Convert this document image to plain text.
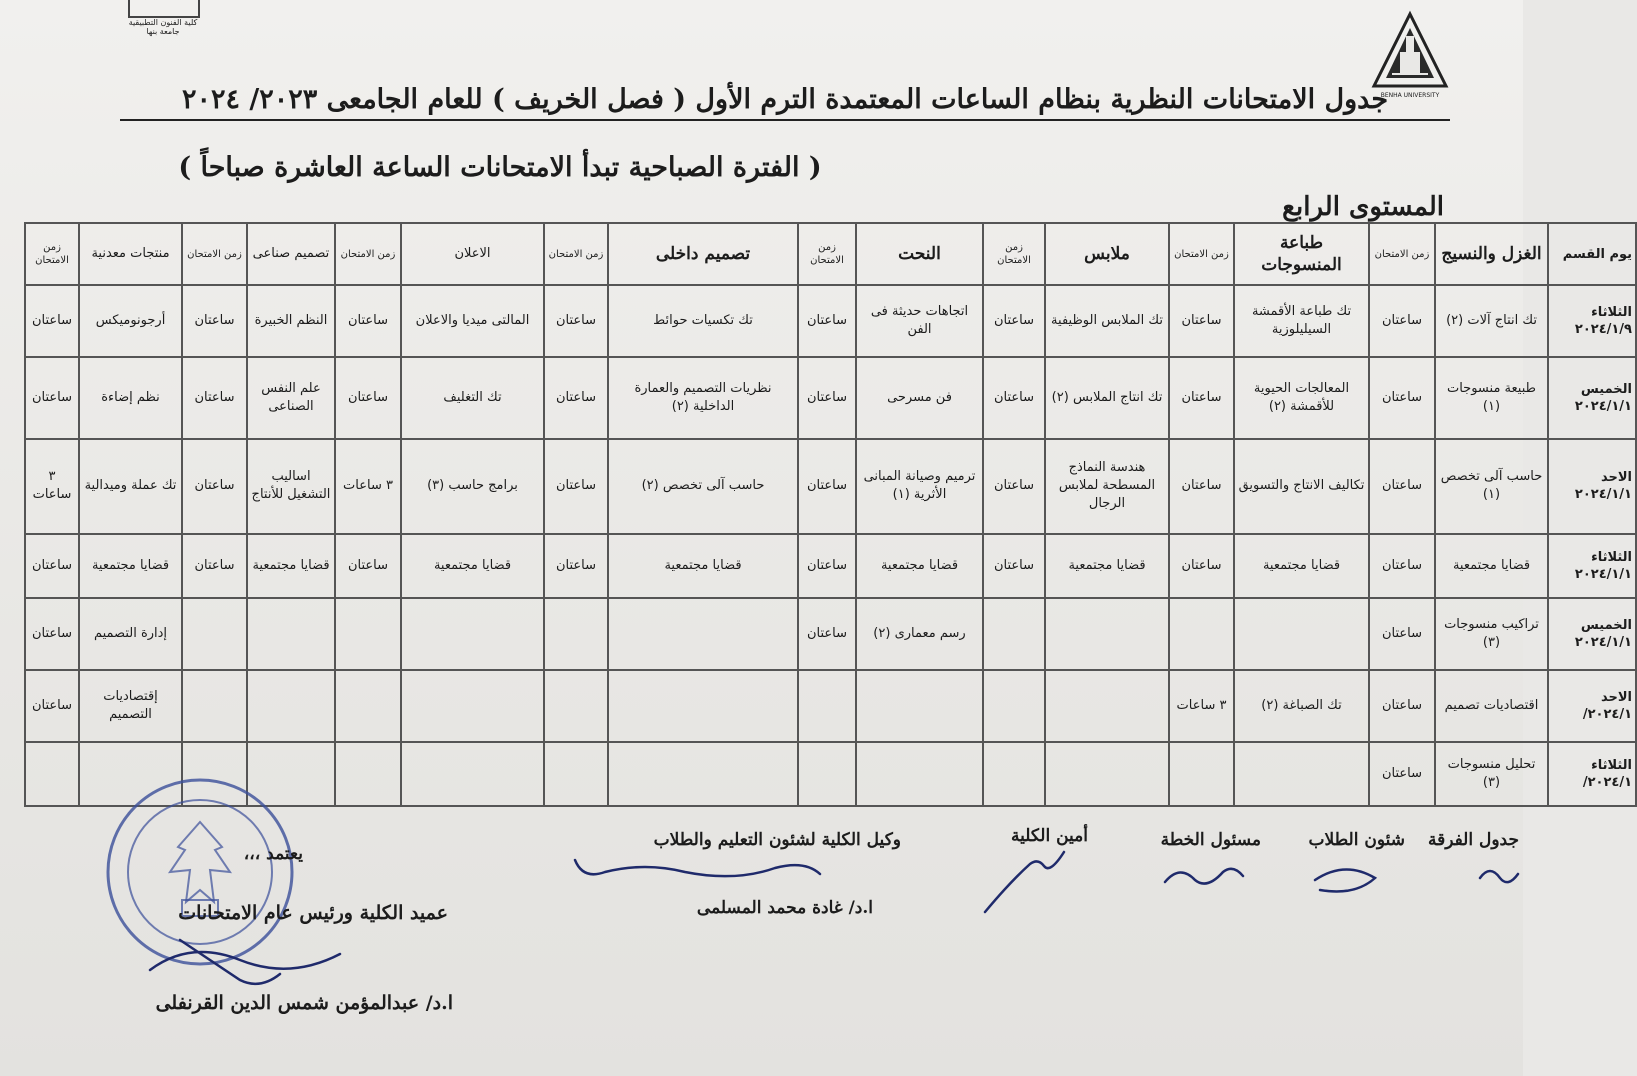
كلية الفنون التطبيقية جامعة بنها
BENHA UNIVERSITY
جدول الامتحانات النظرية بنظام الساعات المعتمدة الترم الأول ( فصل الخريف ) للعام الجامعى ٢٠٢٣/ ٢٠٢٤
( الفترة الصباحية تبدأ الامتحانات الساعة العاشرة صباحاً )
المستوى الرابع
يوم القسم	الغزل والنسيج	زمن الامتحان	طباعة المنسوجات	زمن الامتحان	ملابس	زمن الامتحان	النحت	زمن الامتحان	تصميم داخلى	زمن الامتحان	الاعلان	زمن الامتحان	تصميم صناعى	زمن الامتحان	منتجات معدنية	زمن الامتحان

الثلاثاء
٢٠٢٤/١/٩	تك انتاج آلات (٢)	ساعتان	تك طباعة الأقمشة السيليلوزية	ساعتان	تك الملابس الوظيفية	ساعتان	اتجاهات حديثة فى الفن	ساعتان	تك تكسيات حوائط	ساعتان	المالتى ميديا والاعلان	ساعتان	النظم الخبيرة	ساعتان	أرجونوميكس	ساعتان

الخميس
٢٠٢٤/١/١	طبيعة منسوجات (١)	ساعتان	المعالجات الحيوية للأقمشة (٢)	ساعتان	تك انتاج الملابس (٢)	ساعتان	فن مسرحى	ساعتان	نظريات التصميم والعمارة الداخلية (٢)	ساعتان	تك التغليف	ساعتان	علم النفس الصناعى	ساعتان	نظم إضاءة	ساعتان

الاحد
٢٠٢٤/١/١	حاسب آلى تخصص (١)	ساعتان	تكاليف الانتاج والتسويق	ساعتان	هندسة النماذج المسطحة لملابس الرجال	ساعتان	ترميم وصيانة المبانى الأثرية (١)	ساعتان	حاسب آلى تخصص (٢)	ساعتان	برامج حاسب (٣)	٣ ساعات	اساليب التشغيل للأنتاج	ساعتان	تك عملة وميدالية	٣ ساعات

الثلاثاء
٢٠٢٤/١/١	قضايا مجتمعية	ساعتان	قضايا مجتمعية	ساعتان	قضايا مجتمعية	ساعتان	قضايا مجتمعية	ساعتان	قضايا مجتمعية	ساعتان	قضايا مجتمعية	ساعتان	قضايا مجتمعية	ساعتان	قضايا مجتمعية	ساعتان

الخميس
٢٠٢٤/١/١	تراكيب منسوجات (٣)	ساعتان					رسم معمارى (٢)	ساعتان							إدارة التصميم	ساعتان

الاحد
٢٠٢٤/١/	اقتصاديات تصميم	ساعتان	تك الصباغة (٢)	٣ ساعات											إقتصاديات التصميم	ساعتان

الثلاثاء
٢٠٢٤/١/	تحليل منسوجات (٣)	ساعتان														
جدول الفرقة
شئون الطلاب
مسئول الخطة
أمين الكلية
وكيل الكلية لشئون التعليم والطلاب
ا.د/ غادة محمد المسلمى
يعتمد ،،،
عميد الكلية ورئيس عام الامتحانات
ا.د/ عبدالمؤمن شمس الدين القرنفلى
